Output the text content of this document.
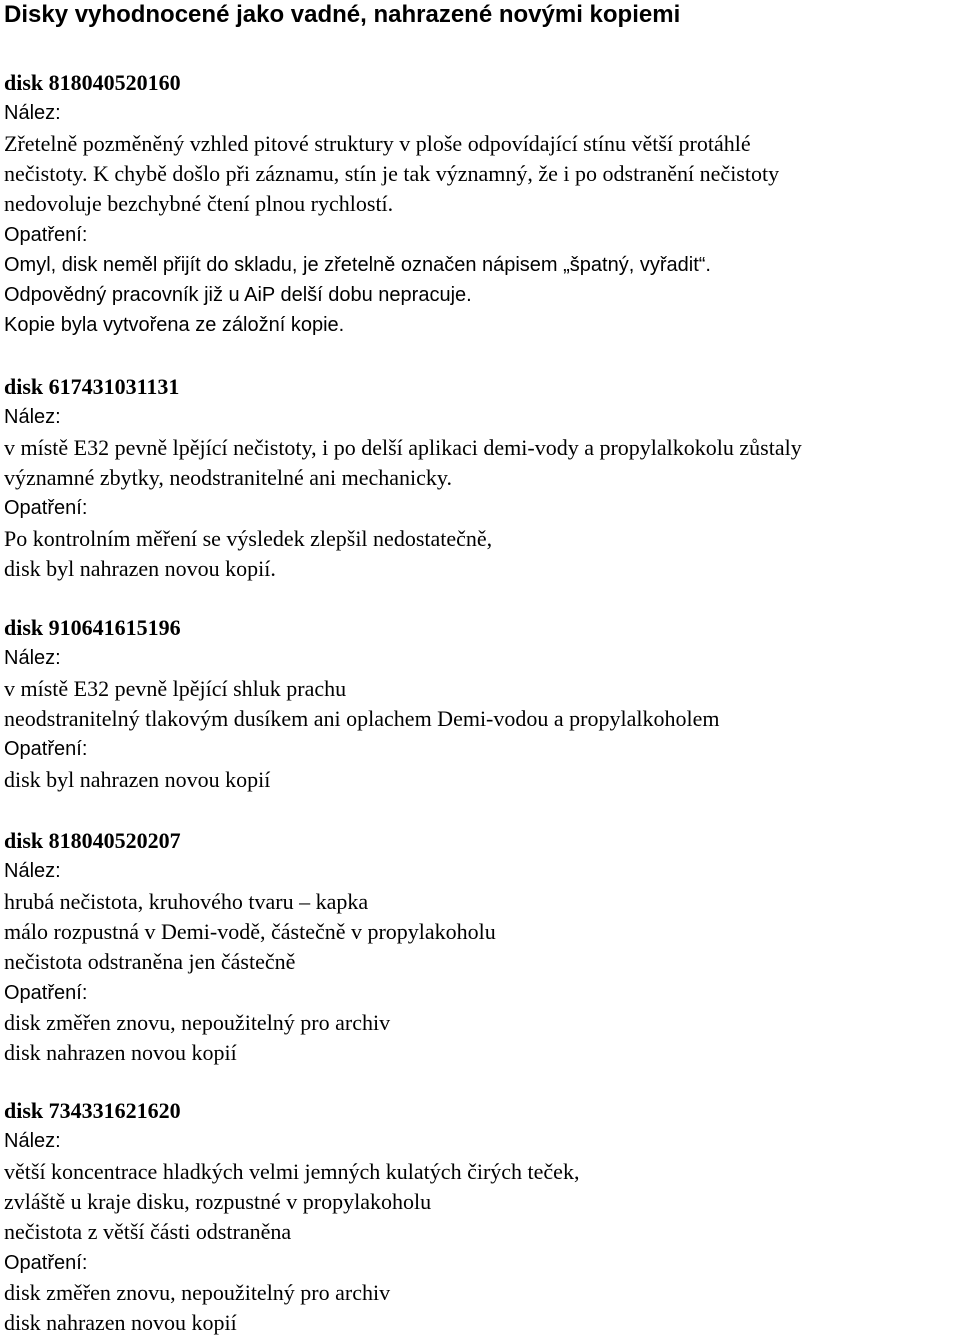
Disky vyhodnocené jako vadné, nahrazené novými kopiemi
disk 818040520160
Nález:
Zřetelně pozměněný vzhled pitové struktury v ploše odpovídající stínu větší protáhlé
nečistoty. K chybě došlo při záznamu, stín je tak významný, že i po odstranění nečistoty
nedovoluje bezchybné čtení plnou rychlostí.
Opatření:
Omyl, disk neměl přijít do skladu, je zřetelně označen nápisem „špatný, vyřadit“.
Odpovědný pracovník již u AiP delší dobu nepracuje.
Kopie byla vytvořena ze záložní kopie.
disk 617431031131
Nález:
v místě E32 pevně lpějící nečistoty, i po delší aplikaci demi-vody a propylalkokolu zůstaly
významné zbytky, neodstranitelné ani mechanicky.
Opatření:
Po kontrolním měření se výsledek zlepšil nedostatečně,
disk byl nahrazen novou kopií.
disk 910641615196
Nález:
v místě E32 pevně lpějící shluk prachu
neodstranitelný tlakovým dusíkem ani oplachem Demi-vodou a propylalkoholem
Opatření:
disk byl nahrazen novou kopií
disk 818040520207
Nález:
hrubá nečistota, kruhového tvaru – kapka
málo rozpustná v Demi-vodě, částečně v propylakoholu
nečistota odstraněna jen částečně
Opatření:
disk změřen znovu, nepoužitelný pro archiv
disk nahrazen novou kopií
disk 734331621620
Nález:
větší koncentrace hladkých velmi jemných kulatých čirých teček,
zvláště u kraje disku, rozpustné v propylakoholu
nečistota z větší části odstraněna
Opatření:
disk změřen znovu, nepoužitelný pro archiv
disk nahrazen novou kopií
